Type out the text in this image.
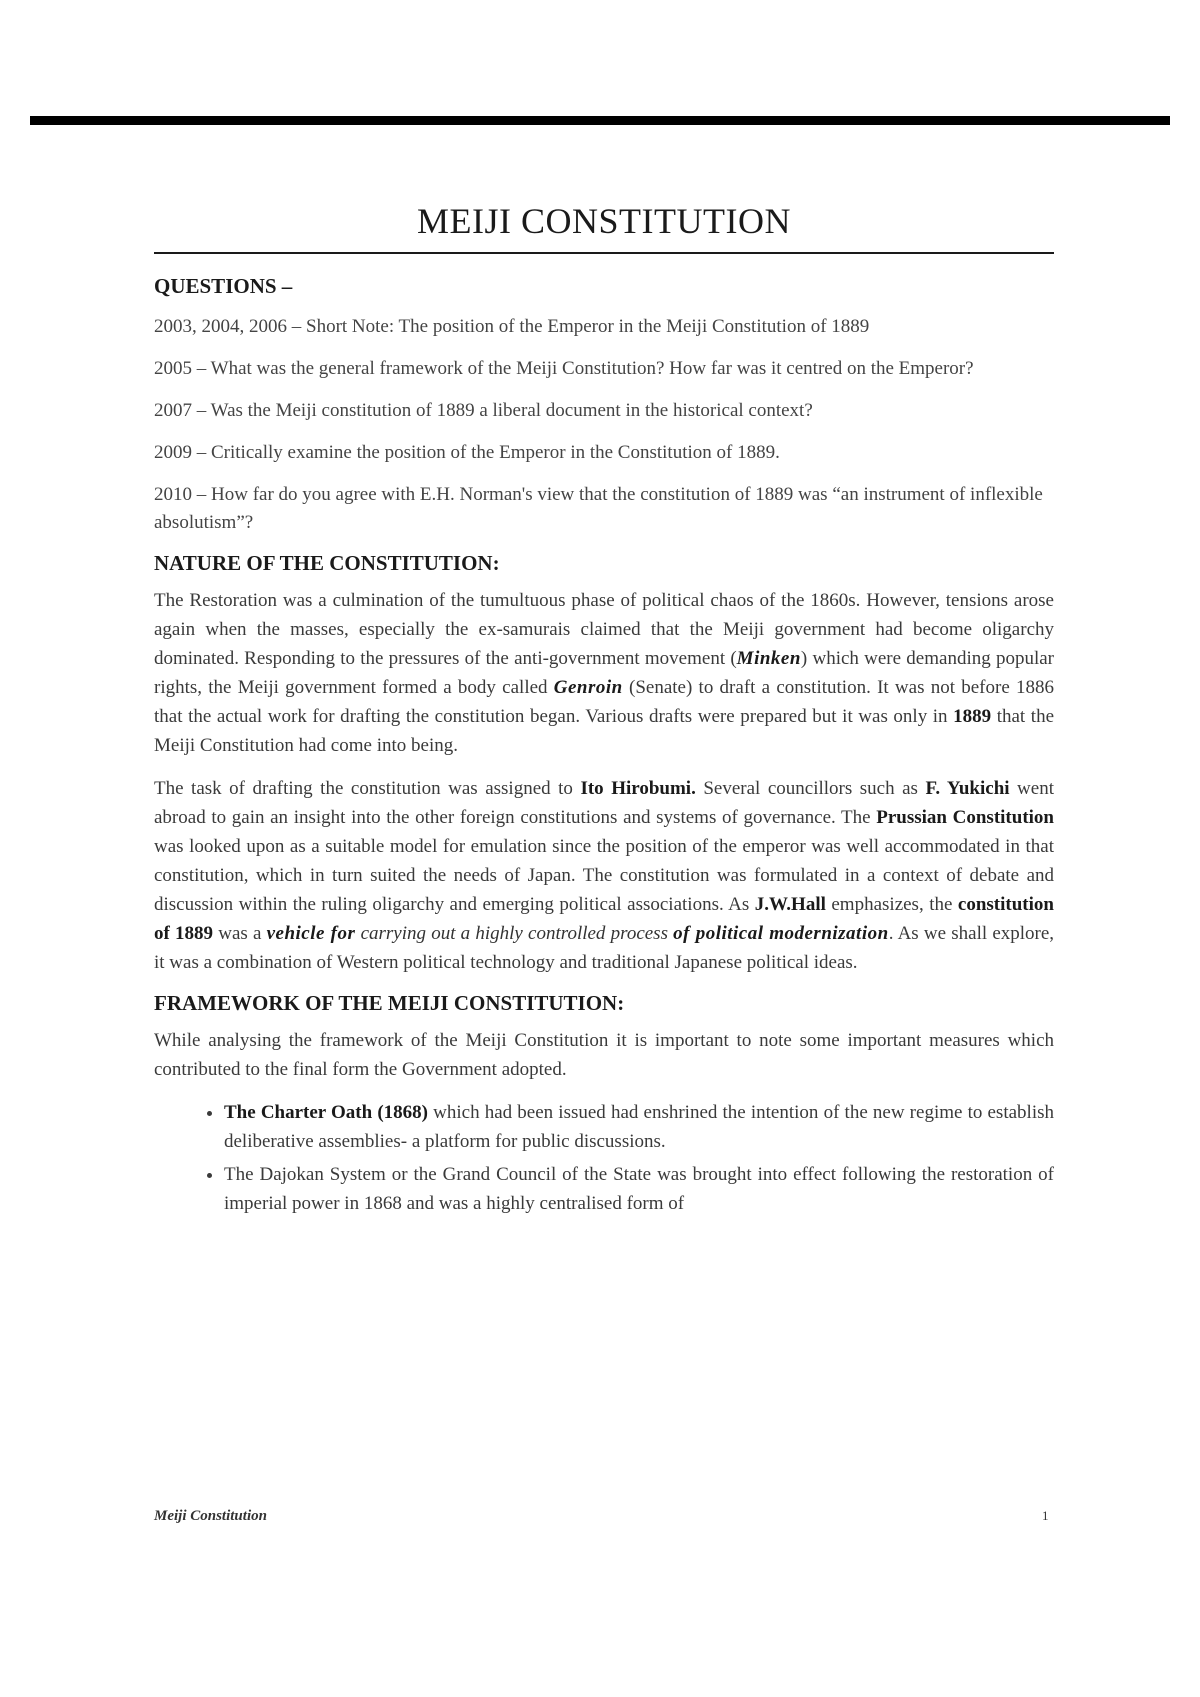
MEIJI CONSTITUTION
QUESTIONS –

2003, 2004, 2006 – Short Note: The position of the Emperor in the Meiji Constitution of 1889

2005 – What was the general framework of the Meiji Constitution? How far was it centred on the Emperor?

2007 – Was the Meiji constitution of 1889 a liberal document in the historical context?

2009 – Critically examine the position of the Emperor in the Constitution of 1889.

2010 – How far do you agree with E.H. Norman's view that the constitution of 1889 was “an instrument of inflexible absolutism”?

NATURE OF THE CONSTITUTION:

The Restoration was a culmination of the tumultuous phase of political chaos of the 1860s. However, tensions arose again when the masses, especially the ex-samurais claimed that the Meiji government had become oligarchy dominated. Responding to the pressures of the anti-government movement (Minken) which were demanding popular rights, the Meiji government formed a body called Genroin (Senate) to draft a constitution. It was not before 1886 that the actual work for drafting the constitution began. Various drafts were prepared but it was only in 1889 that the Meiji Constitution had come into being.

The task of drafting the constitution was assigned to Ito Hirobumi. Several councillors such as F. Yukichi went abroad to gain an insight into the other foreign constitutions and systems of governance. The Prussian Constitution was looked upon as a suitable model for emulation since the position of the emperor was well accommodated in that constitution, which in turn suited the needs of Japan. The constitution was formulated in a context of debate and discussion within the ruling oligarchy and emerging political associations. As J.W.Hall emphasizes, the constitution of 1889 was a vehicle for carrying out a highly controlled process of political modernization. As we shall explore, it was a combination of Western political technology and traditional Japanese political ideas.

FRAMEWORK OF THE MEIJI CONSTITUTION:

While analysing the framework of the Meiji Constitution it is important to note some important measures which contributed to the final form the Government adopted.

• The Charter Oath (1868) which had been issued had enshrined the intention of the new regime to establish deliberative assemblies- a platform for public discussions.
• The Dajokan System or the Grand Council of the State was brought into effect following the restoration of imperial power in 1868 and was a highly centralised form of
Meiji Constitution	1
